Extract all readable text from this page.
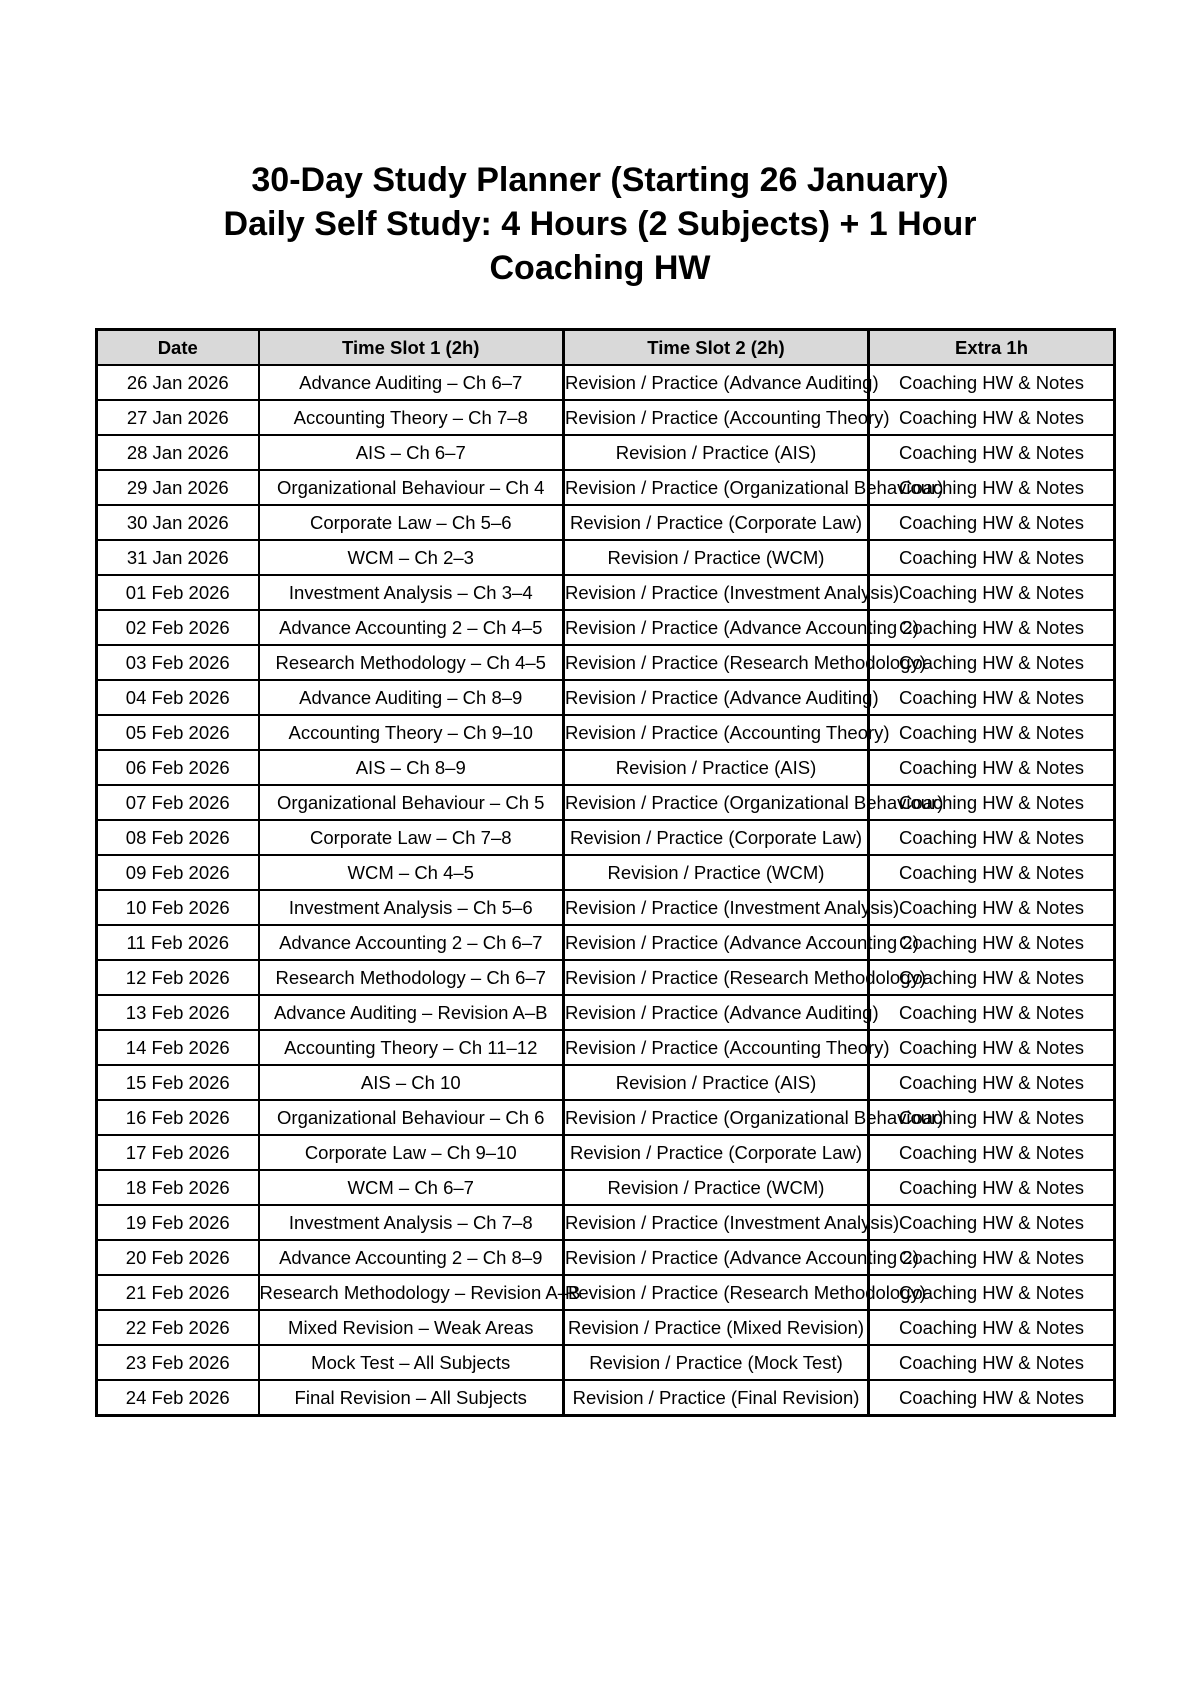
30-Day Study Planner (Starting 26 January)
Daily Self Study: 4 Hours (2 Subjects) + 1 Hour
Coaching HW
Date	Time Slot 1 (2h)	Time Slot 2 (2h)	Extra 1h
26 Jan 2026	Advance Auditing – Ch 6–7	Revision / Practice (Advance Auditing)	Coaching HW & Notes
27 Jan 2026	Accounting Theory – Ch 7–8	Revision / Practice (Accounting Theory)	Coaching HW & Notes
28 Jan 2026	AIS – Ch 6–7	Revision / Practice (AIS)	Coaching HW & Notes
29 Jan 2026	Organizational Behaviour – Ch 4	Revision / Practice (Organizational Behaviour)	Coaching HW & Notes
30 Jan 2026	Corporate Law – Ch 5–6	Revision / Practice (Corporate Law)	Coaching HW & Notes
31 Jan 2026	WCM – Ch 2–3	Revision / Practice (WCM)	Coaching HW & Notes
01 Feb 2026	Investment Analysis – Ch 3–4	Revision / Practice (Investment Analysis)	Coaching HW & Notes
02 Feb 2026	Advance Accounting 2 – Ch 4–5	Revision / Practice (Advance Accounting 2)	Coaching HW & Notes
03 Feb 2026	Research Methodology – Ch 4–5	Revision / Practice (Research Methodology)	Coaching HW & Notes
04 Feb 2026	Advance Auditing – Ch 8–9	Revision / Practice (Advance Auditing)	Coaching HW & Notes
05 Feb 2026	Accounting Theory – Ch 9–10	Revision / Practice (Accounting Theory)	Coaching HW & Notes
06 Feb 2026	AIS – Ch 8–9	Revision / Practice (AIS)	Coaching HW & Notes
07 Feb 2026	Organizational Behaviour – Ch 5	Revision / Practice (Organizational Behaviour)	Coaching HW & Notes
08 Feb 2026	Corporate Law – Ch 7–8	Revision / Practice (Corporate Law)	Coaching HW & Notes
09 Feb 2026	WCM – Ch 4–5	Revision / Practice (WCM)	Coaching HW & Notes
10 Feb 2026	Investment Analysis – Ch 5–6	Revision / Practice (Investment Analysis)	Coaching HW & Notes
11 Feb 2026	Advance Accounting 2 – Ch 6–7	Revision / Practice (Advance Accounting 2)	Coaching HW & Notes
12 Feb 2026	Research Methodology – Ch 6–7	Revision / Practice (Research Methodology)	Coaching HW & Notes
13 Feb 2026	Advance Auditing – Revision A–B	Revision / Practice (Advance Auditing)	Coaching HW & Notes
14 Feb 2026	Accounting Theory – Ch 11–12	Revision / Practice (Accounting Theory)	Coaching HW & Notes
15 Feb 2026	AIS – Ch 10	Revision / Practice (AIS)	Coaching HW & Notes
16 Feb 2026	Organizational Behaviour – Ch 6	Revision / Practice (Organizational Behaviour)	Coaching HW & Notes
17 Feb 2026	Corporate Law – Ch 9–10	Revision / Practice (Corporate Law)	Coaching HW & Notes
18 Feb 2026	WCM – Ch 6–7	Revision / Practice (WCM)	Coaching HW & Notes
19 Feb 2026	Investment Analysis – Ch 7–8	Revision / Practice (Investment Analysis)	Coaching HW & Notes
20 Feb 2026	Advance Accounting 2 – Ch 8–9	Revision / Practice (Advance Accounting 2)	Coaching HW & Notes
21 Feb 2026	Research Methodology – Revision A–B	Revision / Practice (Research Methodology)	Coaching HW & Notes
22 Feb 2026	Mixed Revision – Weak Areas	Revision / Practice (Mixed Revision)	Coaching HW & Notes
23 Feb 2026	Mock Test – All Subjects	Revision / Practice (Mock Test)	Coaching HW & Notes
24 Feb 2026	Final Revision – All Subjects	Revision / Practice (Final Revision)	Coaching HW & Notes
